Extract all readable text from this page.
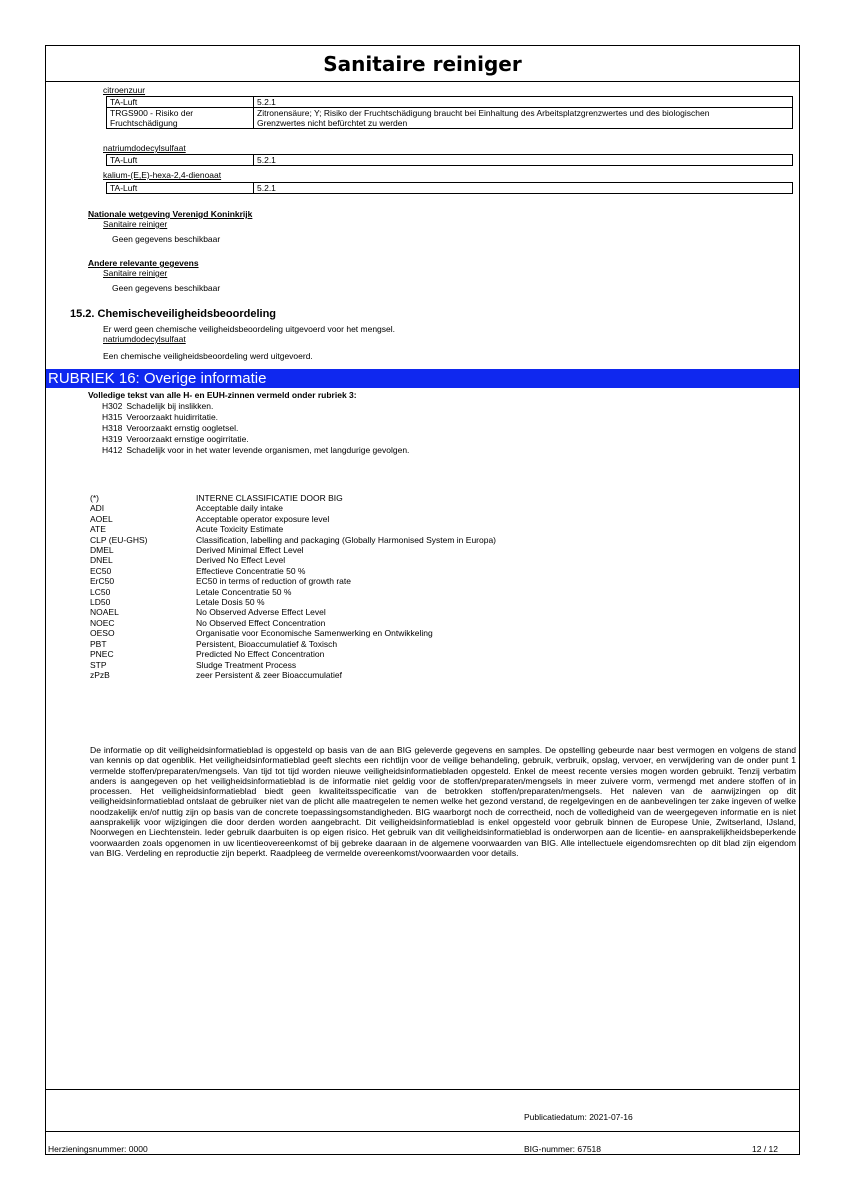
Sanitaire reiniger
citroenzuur
TA-Luft	5.2.1
TRGS900 - Risiko der
Fruchtschädigung	Zitronensäure; Y; Risiko der Fruchtschädigung braucht bei Einhaltung des Arbeitsplatzgrenzwertes und des biologischen
Grenzwertes nicht befürchtet zu werden
natriumdodecylsulfaat
TA-Luft	5.2.1
kalium-(E,E)-hexa-2,4-dienoaat
TA-Luft	5.2.1
Nationale wetgeving Verenigd Koninkrijk
Sanitaire reiniger
Geen gegevens beschikbaar
Andere relevante gegevens
Sanitaire reiniger
Geen gegevens beschikbaar
15.2. Chemischeveiligheidsbeoordeling
Er werd geen chemische veiligheidsbeoordeling uitgevoerd voor het mengsel.
natriumdodecylsulfaat
Een chemische veiligheidsbeoordeling werd uitgevoerd.
RUBRIEK 16: Overige informatie
Volledige tekst van alle H- en EUH-zinnen vermeld onder rubriek 3:
H302 Schadelijk bij inslikken.
H315 Veroorzaakt huidirritatie.
H318 Veroorzaakt ernstig oogletsel.
H319 Veroorzaakt ernstige oogirritatie.
H412 Schadelijk voor in het water levende organismen, met langdurige gevolgen.
(*)	INTERNE CLASSIFICATIE DOOR BIG
ADI	Acceptable daily intake
AOEL	Acceptable operator exposure level
ATE	Acute Toxicity Estimate
CLP (EU-GHS)	Classification, labelling and packaging (Globally Harmonised System in Europa)
DMEL	Derived Minimal Effect Level
DNEL	Derived No Effect Level
EC50	Effectieve Concentratie 50 %
ErC50	EC50 in terms of reduction of growth rate
LC50	Letale Concentratie 50 %
LD50	Letale Dosis 50 %
NOAEL	No Observed Adverse Effect Level
NOEC	No Observed Effect Concentration
OESO	Organisatie voor Economische Samenwerking en Ontwikkeling
PBT	Persistent, Bioaccumulatief & Toxisch
PNEC	Predicted No Effect Concentration
STP	Sludge Treatment Process
zPzB	zeer Persistent & zeer Bioaccumulatief
De informatie op dit veiligheidsinformatieblad is opgesteld op basis van de aan BIG geleverde gegevens en samples. De opstelling gebeurde naar best vermogen en volgens de stand van kennis op dat ogenblik. Het veiligheidsinformatieblad geeft slechts een richtlijn voor de veilige behandeling, gebruik, verbruik, opslag, vervoer, en verwijdering van de onder punt 1 vermelde stoffen/preparaten/mengsels. Van tijd tot tijd worden nieuwe veiligheidsinformatiebladen opgesteld. Enkel de meest recente versies mogen worden gebruikt. Tenzij verbatim anders is aangegeven op het veiligheidsinformatieblad is de informatie niet geldig voor de stoffen/preparaten/mengsels in meer zuivere vorm, vermengd met andere stoffen of in processen. Het veiligheidsinformatieblad biedt geen kwaliteitsspecificatie van de betrokken stoffen/preparaten/mengsels. Het naleven van de aanwijzingen op dit veiligheidsinformatieblad ontslaat de gebruiker niet van de plicht alle maatregelen te nemen welke het gezond verstand, de regelgevingen en de aanbevelingen ter zake ingeven of welke noodzakelijk en/of nuttig zijn op basis van de concrete toepassingsomstandigheden. BIG waarborgt noch de correctheid, noch de volledigheid van de weergegeven informatie en is niet aansprakelijk voor wijzigingen die door derden worden aangebracht. Dit veiligheidsinformatieblad is enkel opgesteld voor gebruik binnen de Europese Unie, Zwitserland, IJsland, Noorwegen en Liechtenstein. Ieder gebruik daarbuiten is op eigen risico. Het gebruik van dit veiligheidsinformatieblad is onderworpen aan de licentie- en aansprakelijkheidsbeperkende voorwaarden zoals opgenomen in uw licentieovereenkomst of bij gebreke daaraan in de algemene voorwaarden van BIG. Alle intellectuele eigendomsrechten op dit blad zijn eigendom van BIG. Verdeling en reproductie zijn beperkt. Raadpleeg de vermelde overeenkomst/voorwaarden voor details.
Publicatiedatum: 2021-07-16
Herzieningsnummer: 0000	BIG-nummer: 67518	12 / 12
